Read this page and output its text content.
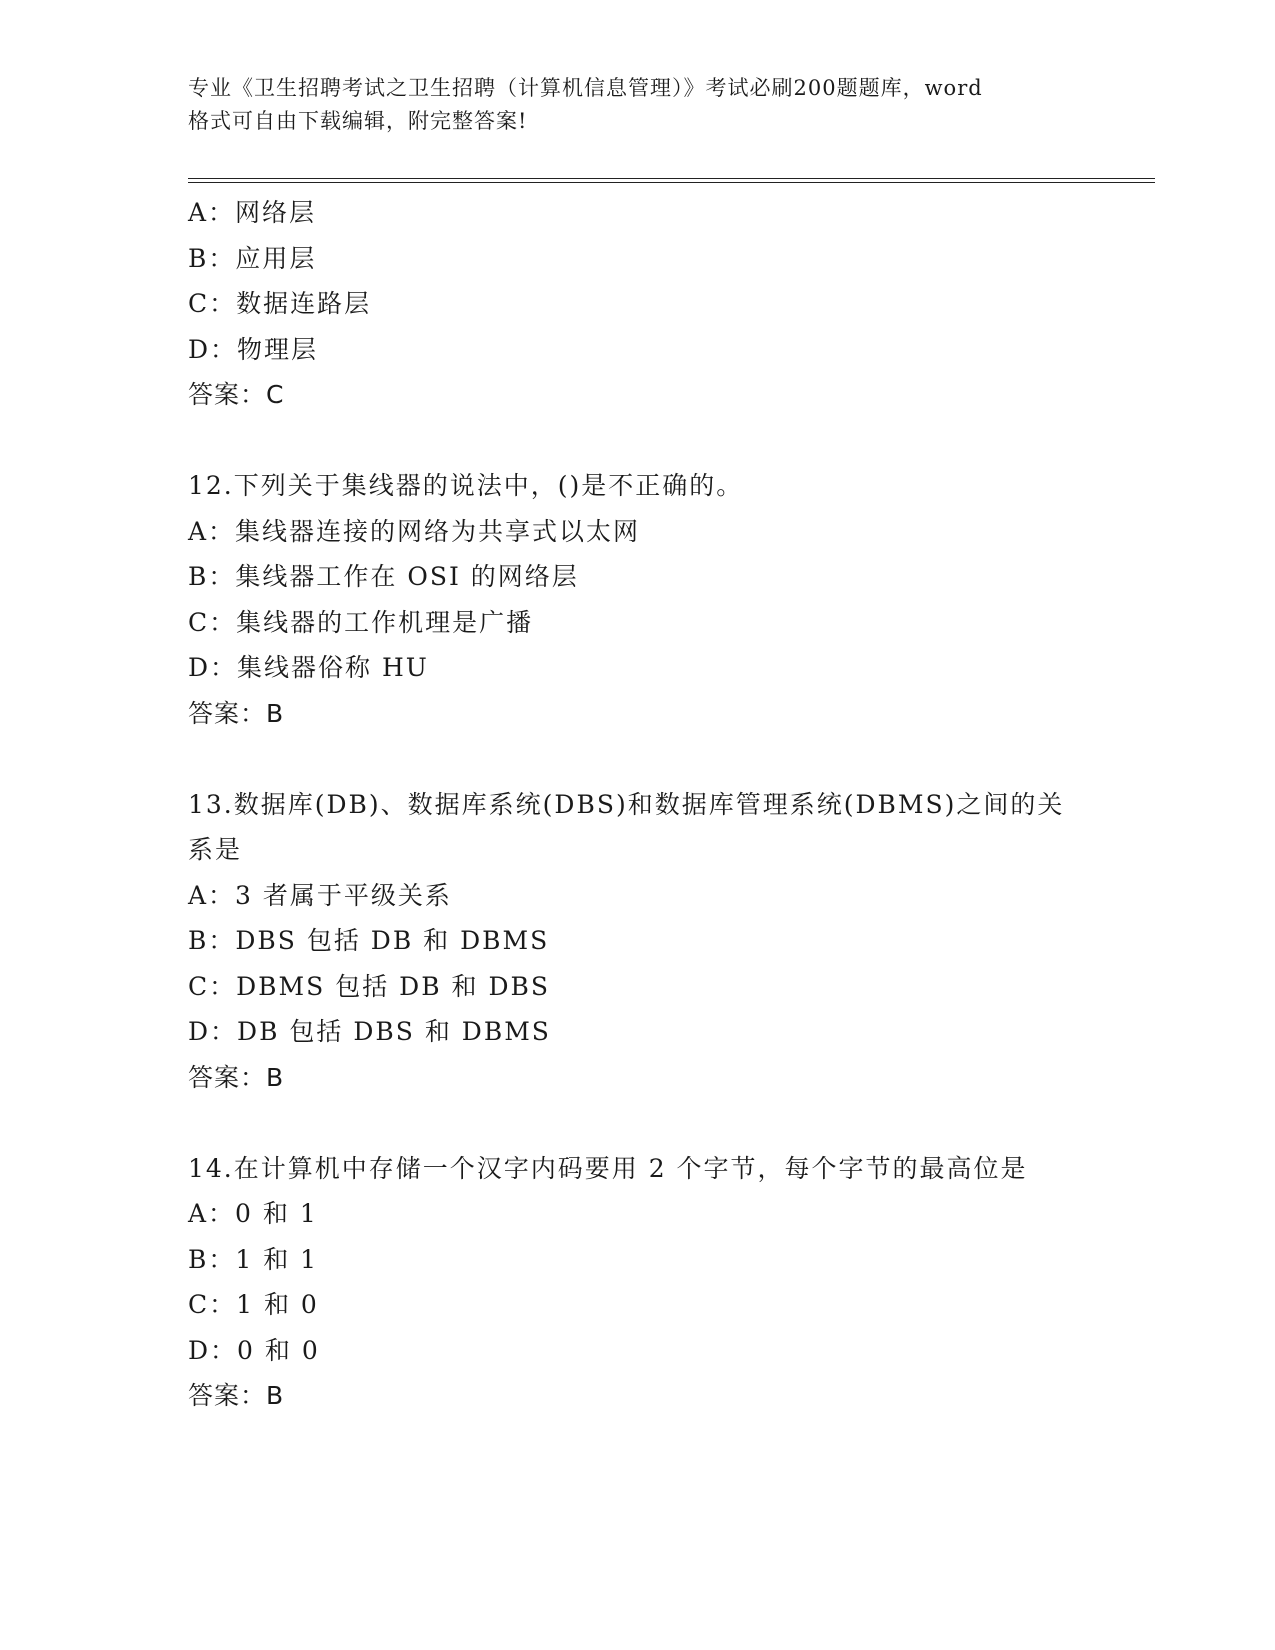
专业《卫生招聘考试之卫生招聘（计算机信息管理）》考试必刷200题题库，word
格式可自由下载编辑，附完整答案!
A：网络层
B：应用层
C：数据连路层
D：物理层
答案：C
12.下列关于集线器的说法中，()是不正确的。
A：集线器连接的网络为共享式以太网
B：集线器工作在 OSI 的网络层
C：集线器的工作机理是广播
D：集线器俗称 HU
答案：B
13.数据库(DB)、数据库系统(DBS)和数据库管理系统(DBMS)之间的关
系是
A：3 者属于平级关系
B：DBS 包括 DB 和 DBMS
C：DBMS 包括 DB 和 DBS
D：DB 包括 DBS 和 DBMS
答案：B
14.在计算机中存储一个汉字内码要用 2 个字节，每个字节的最高位是
A：0 和 1
B：1 和 1
C：1 和 0
D：0 和 0
答案：B
